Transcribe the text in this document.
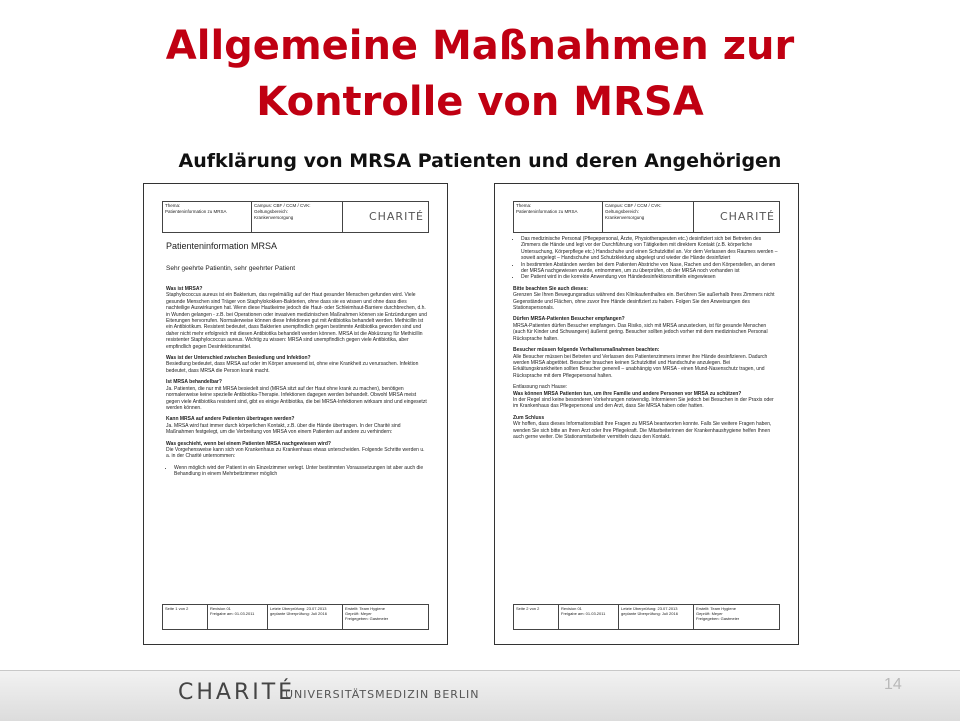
Allgemeine Maßnahmen zur
Kontrolle von MRSA
Aufklärung von MRSA Patienten und deren Angehörigen
Thema:
Patienteninformation zu MRSA
Campus: CBF / CCM / CVK:
Geltungsbereich:
Krankenversorgung	CHARITÉ
Patienteninformation MRSA
Sehr geehrte Patientin, sehr geehrter Patient
Was ist MRSA?

Staphylococcus aureus ist ein Bakterium, das regelmäßig auf der Haut gesunder Menschen gefunden wird. Viele gesunde Menschen sind Träger von Staphylokokken-Bakterien, ohne dass sie es wissen und ohne dass dies nachteilige Auswirkungen hat. Wenn diese Hautkeime jedoch die Haut- oder Schleimhaut-Barriere durchbrechen, d.h. in Wunden gelangen - z.B. bei Operationen oder invasiven medizinischen Maßnahmen können sie Entzündungen und Eiterungen hervorrufen. Normalerweise können diese Infektionen gut mit Antibiotika behandelt werden. Methicillin ist ein Antibiotikum. Resistent bedeutet, dass Bakterien unempfindlich gegen bestimmte Antibiotika geworden sind und daher nicht mehr erfolgreich mit diesen Antibiotika behandelt werden können. MRSA ist die Abkürzung für Methicillin resistenter Staphylococcus aureus. Wichtig zu wissen: MRSA sind unempfindlich gegen viele Antibiotika, aber empfindlich gegen Desinfektionsmittel.

Was ist der Unterschied zwischen Besiedlung und Infektion?

Besiedlung bedeutet, dass MRSA auf oder im Körper anwesend ist, ohne eine Krankheit zu verursachen. Infektion bedeutet, dass MRSA die Person krank macht.

Ist MRSA behandelbar?

Ja. Patienten, die nur mit MRSA besiedelt sind (MRSA sitzt auf der Haut ohne krank zu machen), benötigen normalerweise keine spezielle Antibiotika-Therapie. Infektionen dagegen werden behandelt. Obwohl MRSA meist gegen viele Antibiotika resistent sind, gibt es einige Antibiotika, die bei MRSA-Infektionen wirksam sind und eingesetzt werden können.

Kann MRSA auf andere Patienten übertragen werden?

Ja. MRSA wird fast immer durch körperlichen Kontakt, z.B. über die Hände übertragen. In der Charité sind Maßnahmen festgelegt, um die Verbreitung von MRSA von einem Patienten auf andere zu verhindern:

Was geschieht, wenn bei einem Patienten MRSA nachgewiesen wird?

Die Vorgehensweise kann sich von Krankenhaus zu Krankenhaus etwas unterscheiden. Folgende Schritte werden u. a. in der Charité unternommen:

• Wenn möglich wird der Patient in ein Einzelzimmer verlegt. Unter bestimmten Voraussetzungen ist aber auch die Behandlung in einem Mehrbettzimmer möglich
Seite 1 von 2	Revision 01
Freigabe am: 01.03.2011
Letzte Überprüfung: 23.07.2013
geplante Überprüfung: Juli 2016
Erstellt: Team Hygiene
Geprüft: Meyer
Freigegeben: Gastmeier
Thema:
Patienteninformation zu MRSA
Campus: CBF / CCM / CVK:
Geltungsbereich:
Krankenversorgung	CHARITÉ
• Das medizinische Personal (Pflegepersonal, Ärzte, Physiotherapeuten etc.) desinfiziert sich bei Betreten des Zimmers die Hände und legt vor der Durchführung von Tätigkeiten mit direktem Kontakt (z.B. körperliche Untersuchung, Körperpflege etc.) Handschuhe und einen Schutzkittel an. Vor dem Verlassen des Raumes werden – soweit angelegt – Handschuhe und Schutzkleidung abgelegt und wieder die Hände desinfiziert
• In bestimmten Abständen werden bei dem Patienten Abstriche von Nase, Rachen und den Körperstellen, an denen der MRSA nachgewiesen wurde, entnommen, um zu überprüfen, ob der MRSA noch vorhanden ist
• Der Patient wird in die korrekte Anwendung von Händedesinfektionsmitteln eingewiesen
Bitte beachten Sie auch dieses:

Grenzen Sie Ihren Bewegungsradius während des Klinikaufenthaltes ein. Berühren Sie außerhalb Ihres Zimmers nicht Gegenstände und Flächen, ohne zuvor Ihre Hände desinfiziert zu haben. Folgen Sie den Anweisungen des Stationspersonals.

Dürfen MRSA-Patienten Besucher empfangen?

MRSA-Patienten dürfen Besucher empfangen. Das Risiko, sich mit MRSA anzustecken, ist für gesunde Menschen (auch für Kinder und Schwangere) äußerst gering. Besucher sollten jedoch vorher mit dem medizinischen Personal Rücksprache halten.

Besucher müssen folgende Verhaltensmaßnahmen beachten:

Alle Besucher müssen bei Betreten und Verlassen des Patientenzimmers immer ihre Hände desinfizieren. Dadurch werden MRSA abgetötet. Besucher brauchen keinen Schutzkittel und Handschuhe anzulegen. Bei Erkältungskrankheiten sollten Besucher generell – unabhängig von MRSA - einen Mund-Nasenschutz tragen, und Rücksprache mit dem Pflegepersonal halten.

Entlassung nach Hause:

Was können MRSA Patienten tun, um ihre Familie und andere Personen vor MRSA zu schützen?

In der Regel sind keine besonderen Vorkehrungen notwendig. Informieren Sie jedoch bei Besuchen in der Praxis oder im Krankenhaus das Pflegepersonal und den Arzt, dass Sie MRSA haben oder hatten.

Zum Schluss

Wir hoffen, dass dieses Informationsblatt Ihre Fragen zu MRSA beantworten konnte. Falls Sie weitere Fragen haben, wenden Sie sich bitte an Ihren Arzt oder Ihre Pflegekraft. Die Mitarbeiterinnen der Krankenhaushygiene helfen Ihnen auch gerne weiter. Die Stationsmitarbeiter vermitteln dazu den Kontakt.

Seite 2 von 2	Revision 01
Freigabe am: 01.03.2011
Letzte Überprüfung: 23.07.2013
geplante Überprüfung: Juli 2016
Erstellt: Team Hygiene
Geprüft: Meyer
Freigegeben: Gastmeier
CHARITÉ
UNIVERSITÄTSMEDIZIN BERLIN
14
